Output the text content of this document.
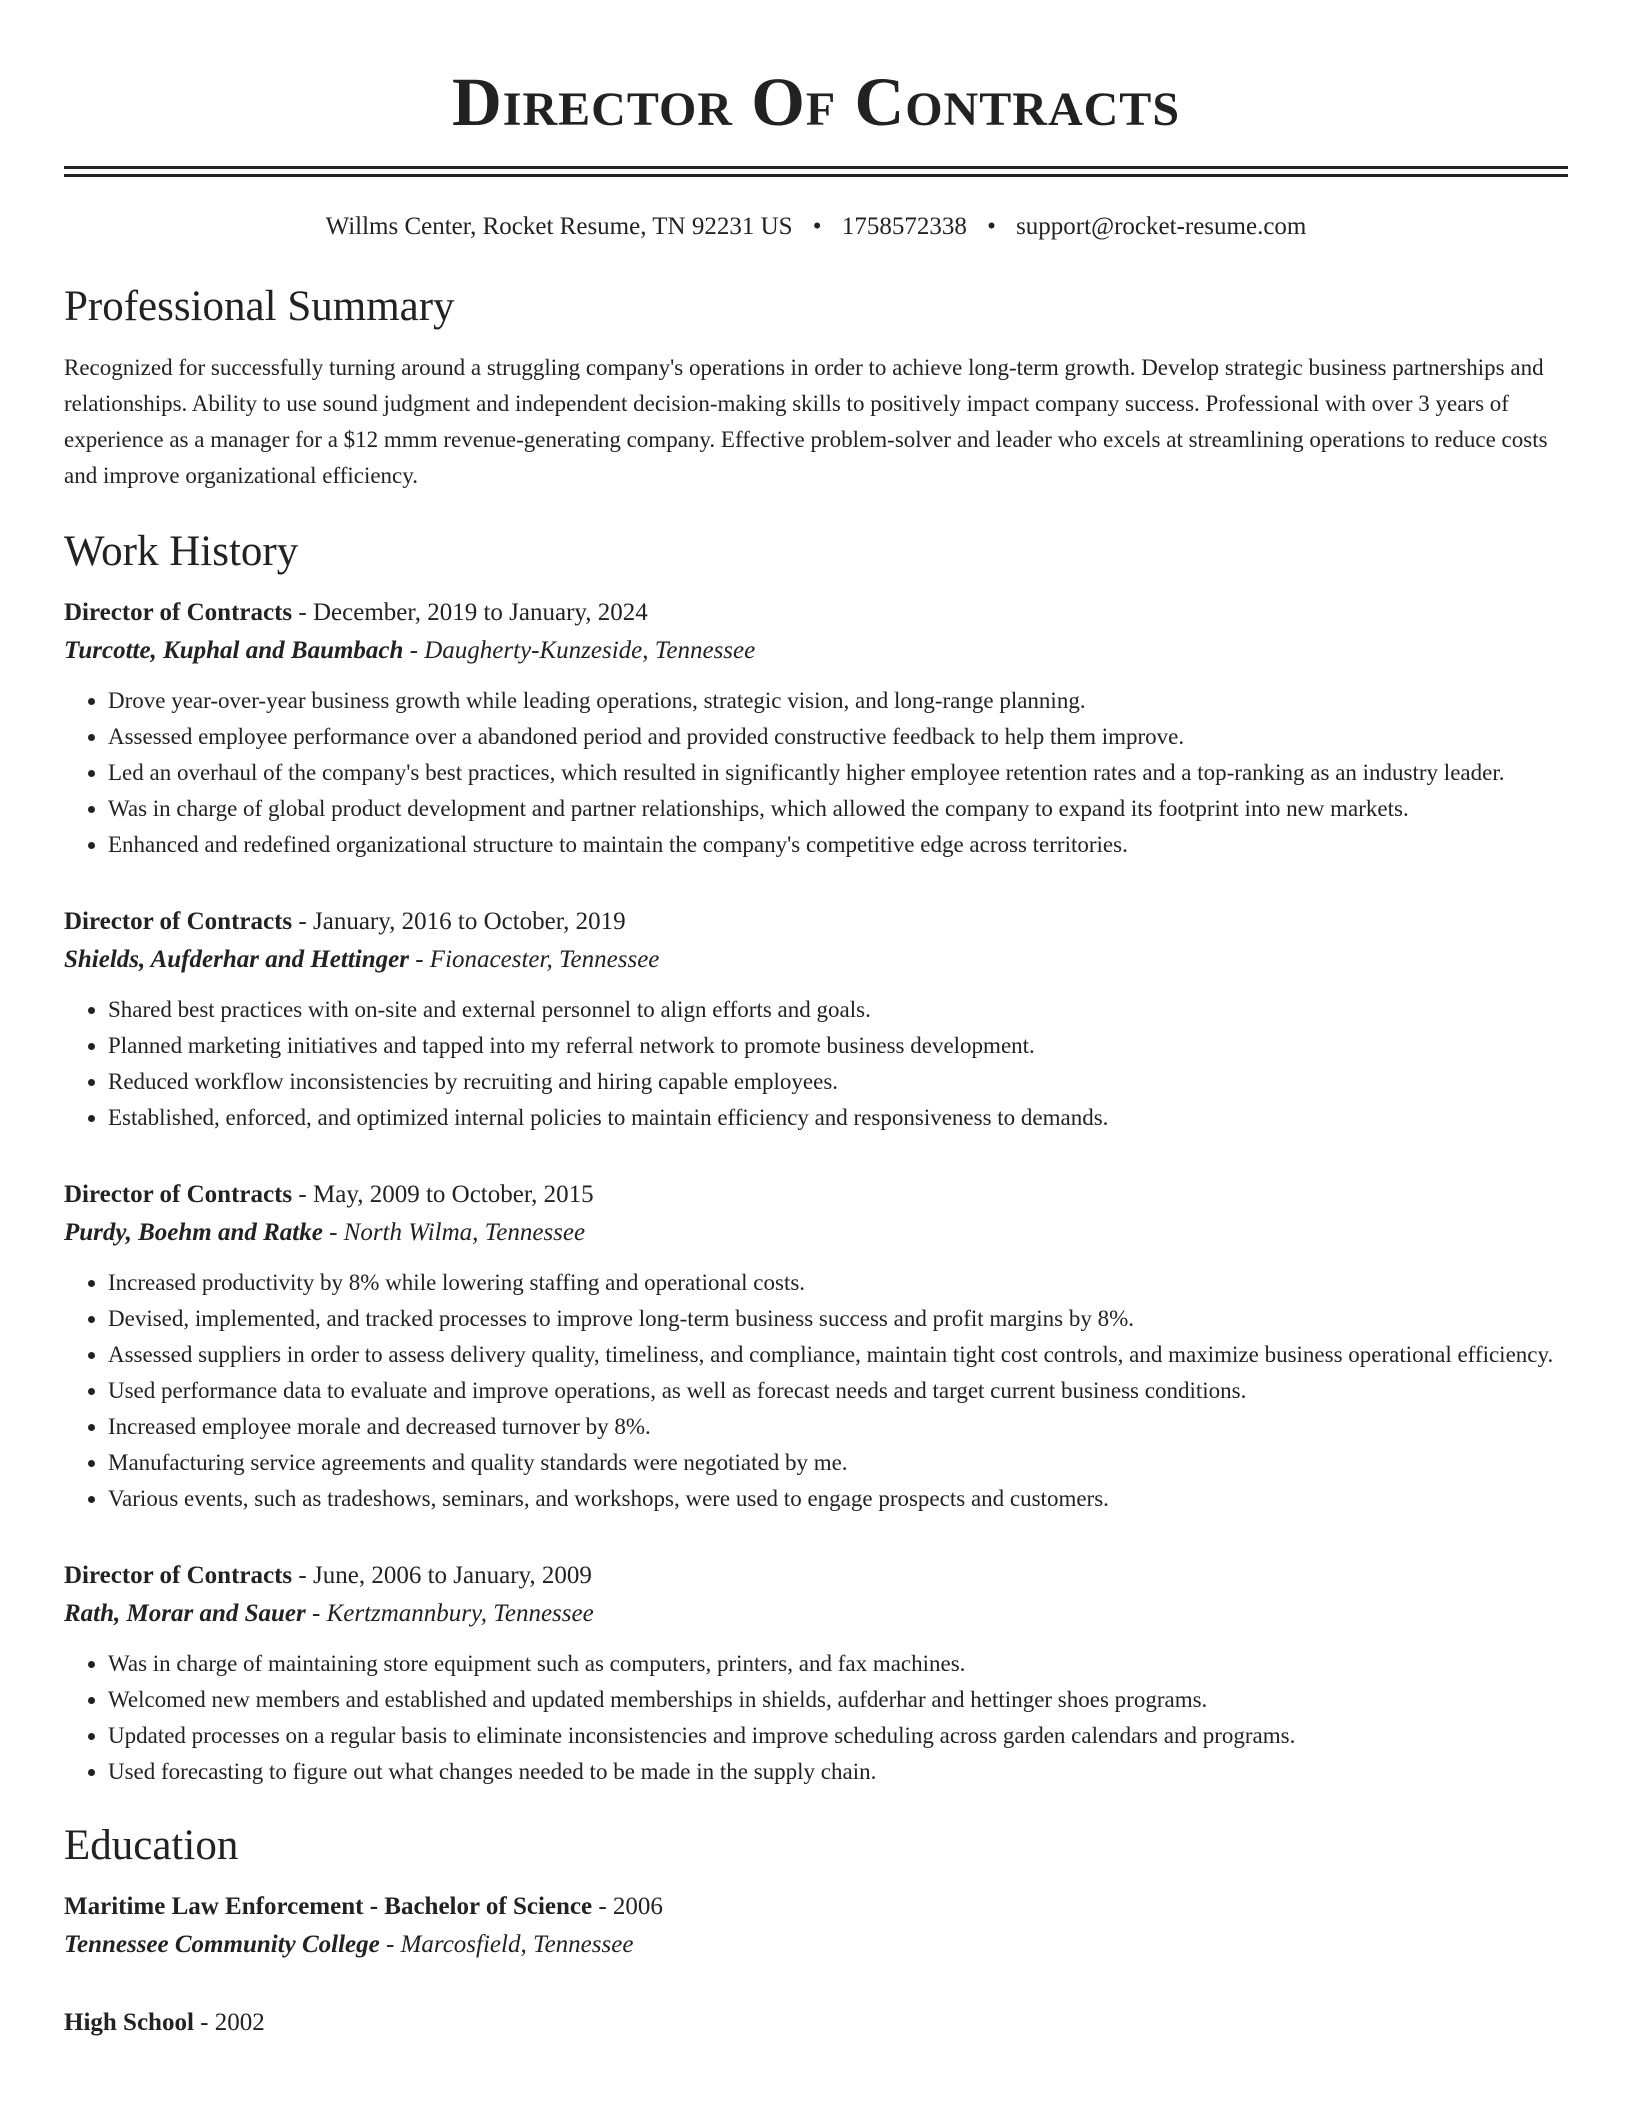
Director Of Contracts
Willms Center, Rocket Resume, TN 92231 US • 1758572338 • support@rocket-resume.com
Professional Summary

Recognized for successfully turning around a struggling company's operations in order to achieve long-term growth. Develop strategic business partnerships and relationships. Ability to use sound judgment and independent decision-making skills to positively impact company success. Professional with over 3 years of experience as a manager for a $12 mmm revenue-generating company. Effective problem-solver and leader who excels at streamlining operations to reduce costs and improve organizational efficiency.

Work History
Director of Contracts - December, 2019 to January, 2024
Turcotte, Kuphal and Baumbach - Daugherty-Kunzeside, Tennessee
• Drove year-over-year business growth while leading operations, strategic vision, and long-range planning.
• Assessed employee performance over a abandoned period and provided constructive feedback to help them improve.
• Led an overhaul of the company's best practices, which resulted in significantly higher employee retention rates and a top-ranking as an industry leader.
• Was in charge of global product development and partner relationships, which allowed the company to expand its footprint into new markets.
• Enhanced and redefined organizational structure to maintain the company's competitive edge across territories.
Director of Contracts - January, 2016 to October, 2019
Shields, Aufderhar and Hettinger - Fionacester, Tennessee
• Shared best practices with on-site and external personnel to align efforts and goals.
• Planned marketing initiatives and tapped into my referral network to promote business development.
• Reduced workflow inconsistencies by recruiting and hiring capable employees.
• Established, enforced, and optimized internal policies to maintain efficiency and responsiveness to demands.
Director of Contracts - May, 2009 to October, 2015
Purdy, Boehm and Ratke - North Wilma, Tennessee
• Increased productivity by 8% while lowering staffing and operational costs.
• Devised, implemented, and tracked processes to improve long-term business success and profit margins by 8%.
• Assessed suppliers in order to assess delivery quality, timeliness, and compliance, maintain tight cost controls, and maximize business operational efficiency.
• Used performance data to evaluate and improve operations, as well as forecast needs and target current business conditions.
• Increased employee morale and decreased turnover by 8%.
• Manufacturing service agreements and quality standards were negotiated by me.
• Various events, such as tradeshows, seminars, and workshops, were used to engage prospects and customers.
Director of Contracts - June, 2006 to January, 2009
Rath, Morar and Sauer - Kertzmannbury, Tennessee
• Was in charge of maintaining store equipment such as computers, printers, and fax machines.
• Welcomed new members and established and updated memberships in shields, aufderhar and hettinger shoes programs.
• Updated processes on a regular basis to eliminate inconsistencies and improve scheduling across garden calendars and programs.
• Used forecasting to figure out what changes needed to be made in the supply chain.
Education
Maritime Law Enforcement - Bachelor of Science - 2006
Tennessee Community College - Marcosfield, Tennessee
High School - 2002
